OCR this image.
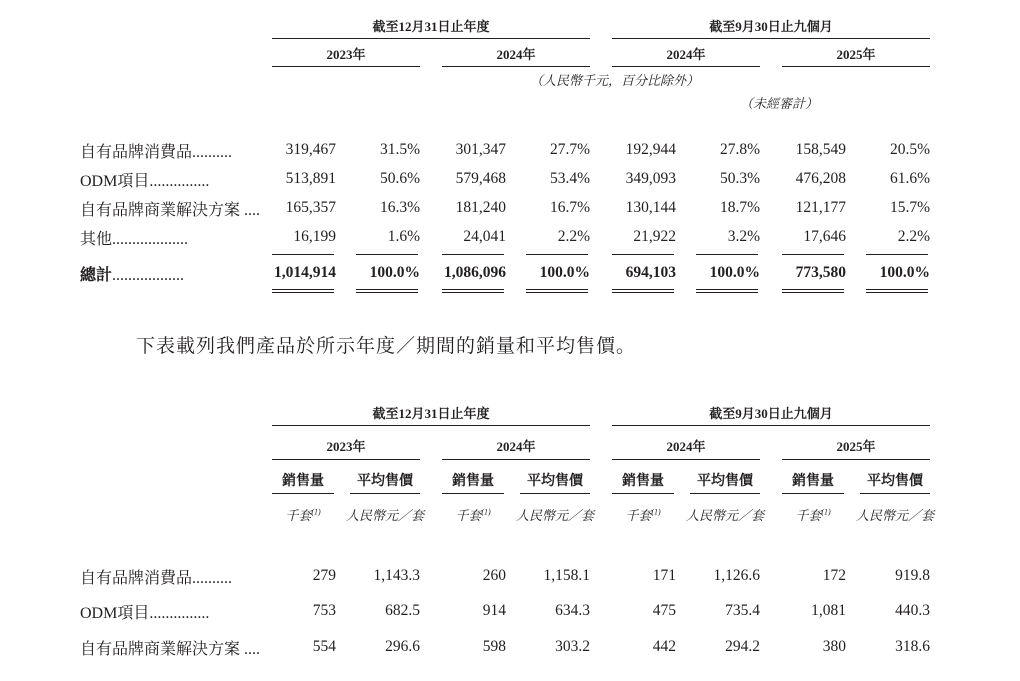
截至12月31日止年度	截至9月30日止九個月
2023年	2024年	2024年	2025年
（人民幣千元，百分比除外）
（未經審計）
自有品牌消費品..........	319,467	31.5%	301,347	27.7%	192,944	27.8%	158,549	20.5%
ODM項目...............	513,891	50.6%	579,468	53.4%	349,093	50.3%	476,208	61.6%
自有品牌商業解決方案 ....	165,357	16.3%	181,240	16.7%	130,144	18.7%	121,177	15.7%
其他...................	16,199	1.6%	24,041	2.2%	21,922	3.2%	17,646	2.2%
總計..................	1,014,914	100.0%	1,086,096	100.0%	694,103	100.0%	773,580	100.0%
下表載列我們產品於所示年度／期間的銷量和平均售價。
截至12月31日止年度	截至9月30日止九個月
2023年	2024年	2024年	2025年
銷售量	平均售價	銷售量	平均售價	銷售量	平均售價	銷售量	平均售價
千套$^{(1)}$	人民幣元／套	千套$^{(1)}$	人民幣元／套	千套$^{(1)}$	人民幣元／套	千套$^{(1)}$	人民幣元／套
自有品牌消費品..........	279	1,143.3	260	1,158.1	171	1,126.6	172	919.8
ODM項目...............	753	682.5	914	634.3	475	735.4	1,081	440.3
自有品牌商業解決方案 ....	554	296.6	598	303.2	442	294.2	380	318.6
